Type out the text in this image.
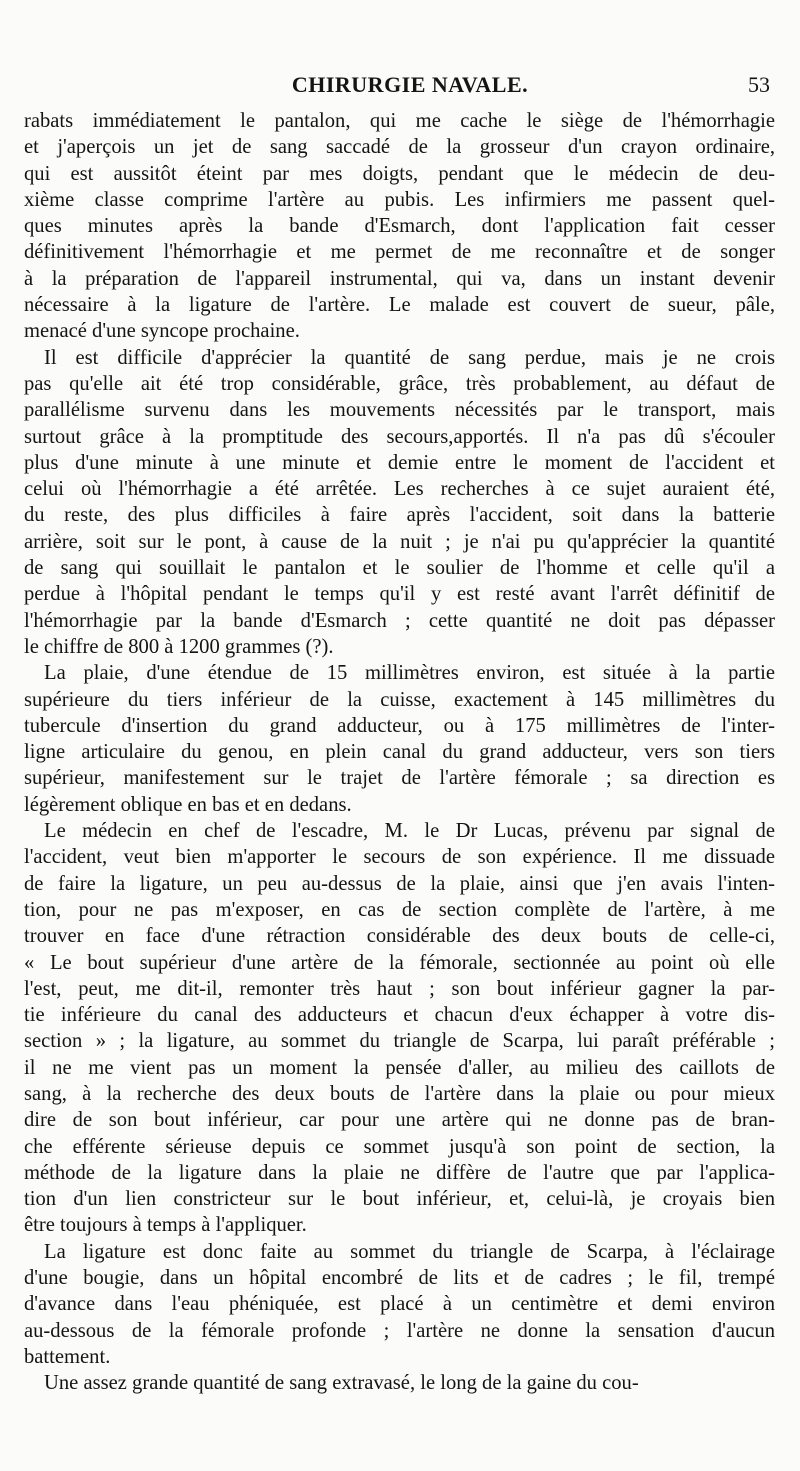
CHIRURGIE NAVALE.	53

rabats immédiatement le pantalon, qui me cache le siège de l'hémorrhagie
et j'aperçois un jet de sang saccadé de la grosseur d'un crayon ordinaire,
qui est aussitôt éteint par mes doigts, pendant que le médecin de deu-
xième classe comprime l'artère au pubis. Les infirmiers me passent quel-
ques minutes après la bande d'Esmarch, dont l'application fait cesser
définitivement l'hémorrhagie et me permet de me reconnaître et de songer
à la préparation de l'appareil instrumental, qui va, dans un instant devenir
nécessaire à la ligature de l'artère. Le malade est couvert de sueur, pâle,
menacé d'une syncope prochaine.

Il est difficile d'apprécier la quantité de sang perdue, mais je ne crois
pas qu'elle ait été trop considérable, grâce, très probablement, au défaut de
parallélisme survenu dans les mouvements nécessités par le transport, mais
surtout grâce à la promptitude des secours,apportés. Il n'a pas dû s'écouler
plus d'une minute à une minute et demie entre le moment de l'accident et
celui où l'hémorrhagie a été arrêtée. Les recherches à ce sujet auraient été,
du reste, des plus difficiles à faire après l'accident, soit dans la batterie
arrière, soit sur le pont, à cause de la nuit ; je n'ai pu qu'apprécier la quantité
de sang qui souillait le pantalon et le soulier de l'homme et celle qu'il a
perdue à l'hôpital pendant le temps qu'il y est resté avant l'arrêt définitif de
l'hémorrhagie par la bande d'Esmarch ; cette quantité ne doit pas dépasser
le chiffre de 800 à 1200 grammes (?).

La plaie, d'une étendue de 15 millimètres environ, est située à la partie
supérieure du tiers inférieur de la cuisse, exactement à 145 millimètres du
tubercule d'insertion du grand adducteur, ou à 175 millimètres de l'inter-
ligne articulaire du genou, en plein canal du grand adducteur, vers son tiers
supérieur, manifestement sur le trajet de l'artère fémorale ; sa direction es
légèrement oblique en bas et en dedans.

Le médecin en chef de l'escadre, M. le Dr Lucas, prévenu par signal de
l'accident, veut bien m'apporter le secours de son expérience. Il me dissuade
de faire la ligature, un peu au-dessus de la plaie, ainsi que j'en avais l'inten-
tion, pour ne pas m'exposer, en cas de section complète de l'artère, à me
trouver en face d'une rétraction considérable des deux bouts de celle-ci,
« Le bout supérieur d'une artère de la fémorale, sectionnée au point où elle
l'est, peut, me dit-il, remonter très haut ; son bout inférieur gagner la par-
tie inférieure du canal des adducteurs et chacun d'eux échapper à votre dis-
section » ; la ligature, au sommet du triangle de Scarpa, lui paraît préférable ;
il ne me vient pas un moment la pensée d'aller, au milieu des caillots de
sang, à la recherche des deux bouts de l'artère dans la plaie ou pour mieux
dire de son bout inférieur, car pour une artère qui ne donne pas de bran-
che efférente sérieuse depuis ce sommet jusqu'à son point de section, la
méthode de la ligature dans la plaie ne diffère de l'autre que par l'applica-
tion d'un lien constricteur sur le bout inférieur, et, celui-là, je croyais bien
être toujours à temps à l'appliquer.

La ligature est donc faite au sommet du triangle de Scarpa, à l'éclairage
d'une bougie, dans un hôpital encombré de lits et de cadres ; le fil, trempé
d'avance dans l'eau phéniquée, est placé à un centimètre et demi environ
au-dessous de la fémorale profonde ; l'artère ne donne la sensation d'aucun
battement.

Une assez grande quantité de sang extravasé, le long de la gaine du cou-
